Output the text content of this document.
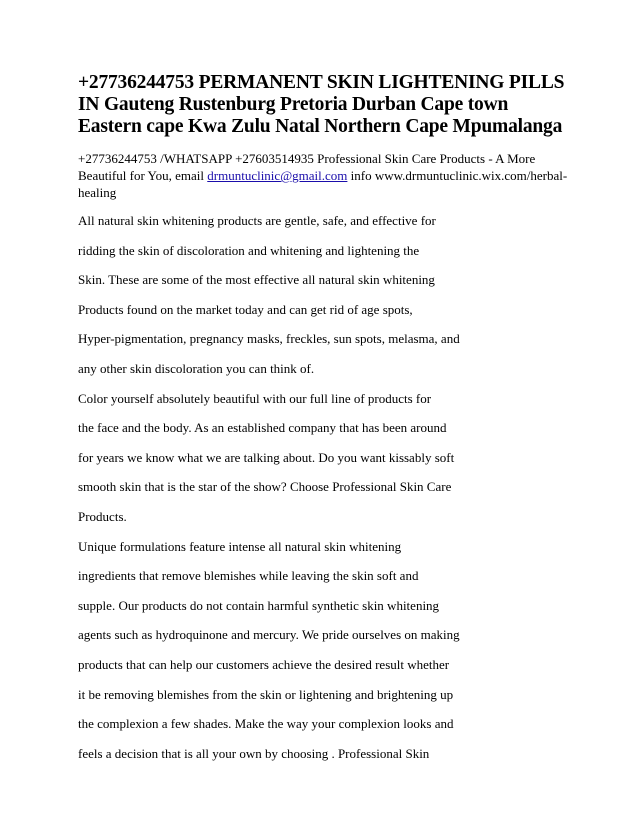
+27736244753 PERMANENT SKIN LIGHTENING PILLS
IN Gauteng Rustenburg Pretoria Durban Cape town
Eastern cape Kwa Zulu Natal Northern Cape Mpumalanga

+27736244753 /WHATSAPP +27603514935 Professional Skin Care Products - A More Beautiful for You, email drmuntuclinic@gmail.com info www.drmuntuclinic.wix.com/herbal-healing

All natural skin whitening products are gentle, safe, and effective for
ridding the skin of discoloration and whitening and lightening the
Skin. These are some of the most effective all natural skin whitening
Products found on the market today and can get rid of age spots,
Hyper-pigmentation, pregnancy masks, freckles, sun spots, melasma, and
any other skin discoloration you can think of.
Color yourself absolutely beautiful with our full line of products for
the face and the body. As an established company that has been around
for years we know what we are talking about. Do you want kissably soft
smooth skin that is the star of the show? Choose Professional Skin Care
Products.
Unique formulations feature intense all natural skin whitening
ingredients that remove blemishes while leaving the skin soft and
supple. Our products do not contain harmful synthetic skin whitening
agents such as hydroquinone and mercury. We pride ourselves on making
products that can help our customers achieve the desired result whether
it be removing blemishes from the skin or lightening and brightening up
the complexion a few shades. Make the way your complexion looks and
feels a decision that is all your own by choosing . Professional Skin
